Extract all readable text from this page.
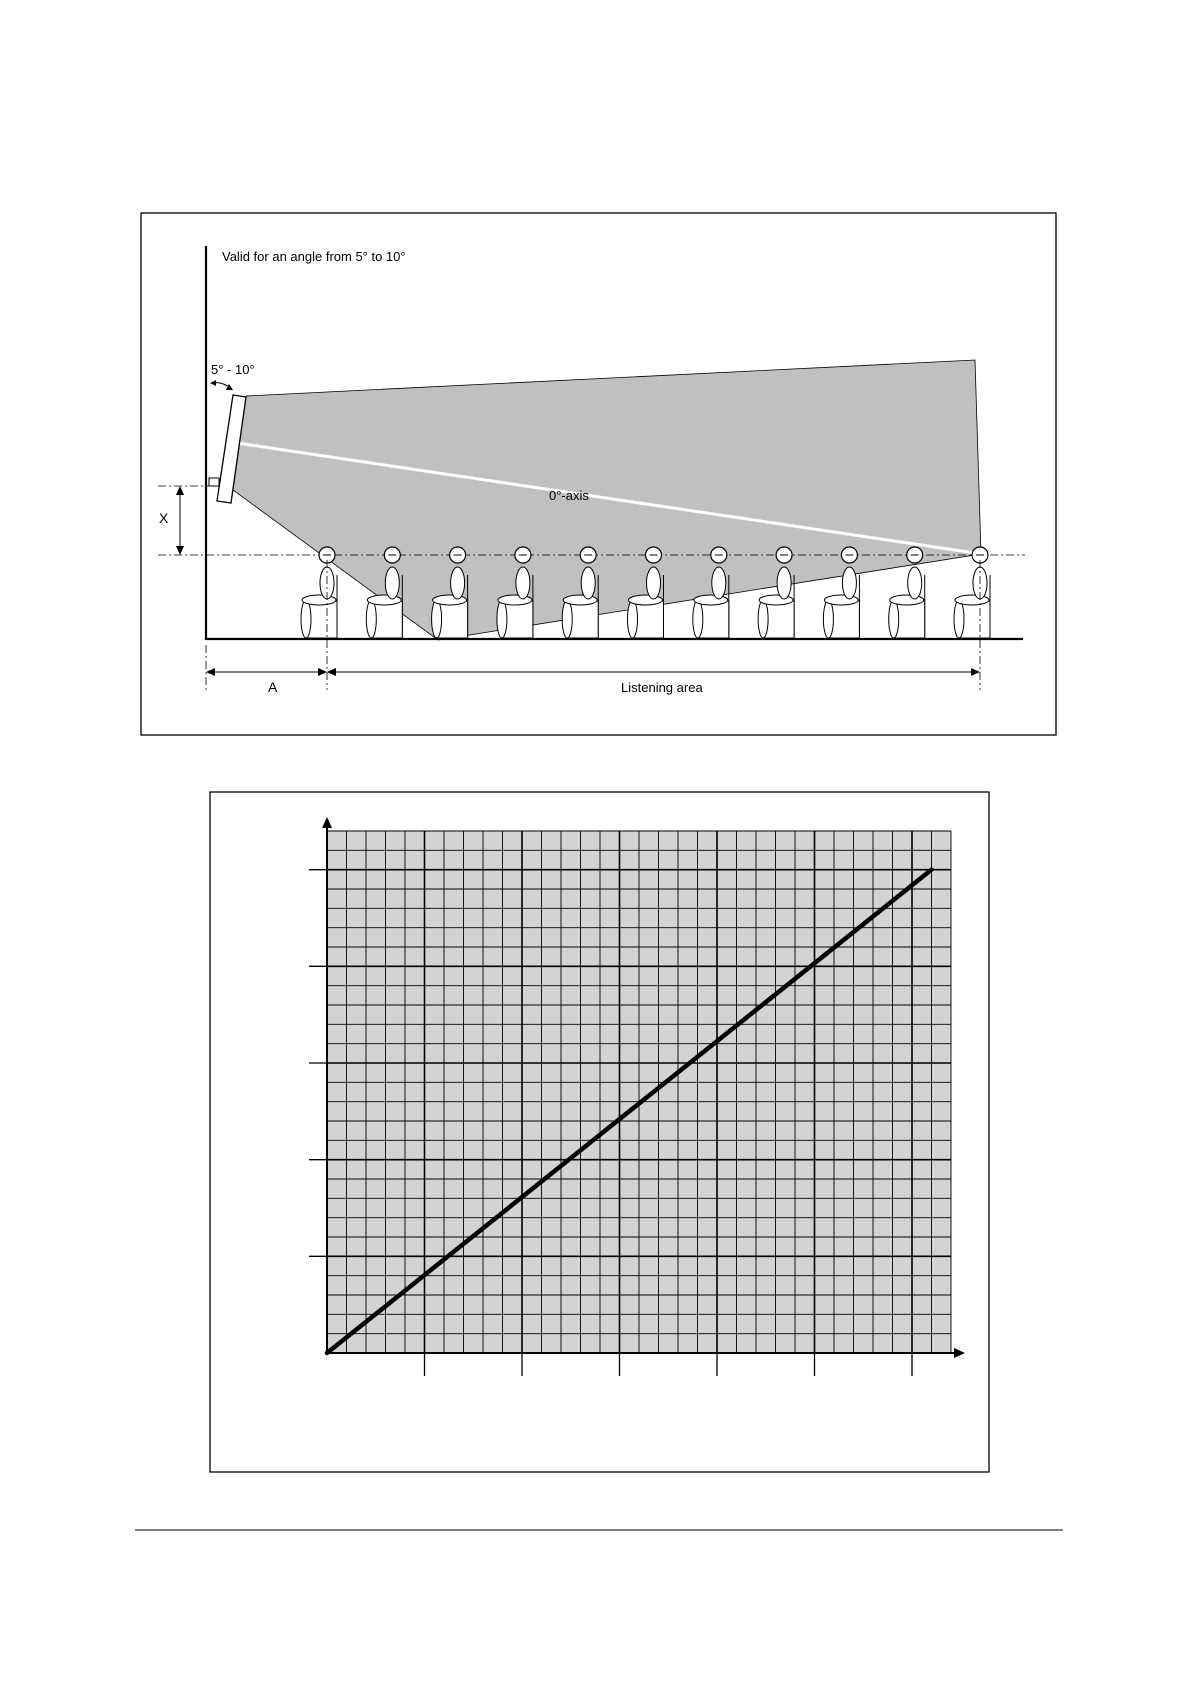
0°-axis
5° - 10°
Valid for an angle from 5° to 10°
X
A	Listening area
